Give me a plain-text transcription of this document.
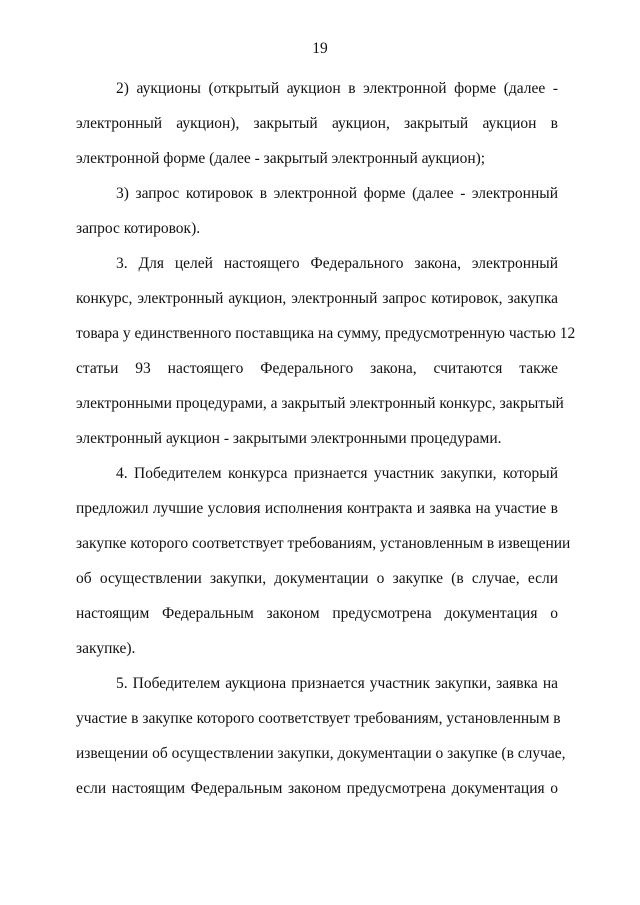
19
2) аукционы (открытый аукцион в электронной форме (далее -
электронный аукцион), закрытый аукцион, закрытый аукцион в
электронной форме (далее - закрытый электронный аукцион);
3) запрос котировок в электронной форме (далее - электронный
запрос котировок).
3. Для целей настоящего Федерального закона, электронный
конкурс, электронный аукцион, электронный запрос котировок, закупка
товара у единственного поставщика на сумму, предусмотренную частью 12
статьи 93 настоящего Федерального закона, считаются также
электронными процедурами, а закрытый электронный конкурс, закрытый
электронный аукцион - закрытыми электронными процедурами.
4. Победителем конкурса признается участник закупки, который
предложил лучшие условия исполнения контракта и заявка на участие в
закупке которого соответствует требованиям, установленным в извещении
об осуществлении закупки, документации о закупке (в случае, если
настоящим Федеральным законом предусмотрена документация о
закупке).
5. Победителем аукциона признается участник закупки, заявка на
участие в закупке которого соответствует требованиям, установленным в
извещении об осуществлении закупки, документации о закупке (в случае,
если настоящим Федеральным законом предусмотрена документация о
